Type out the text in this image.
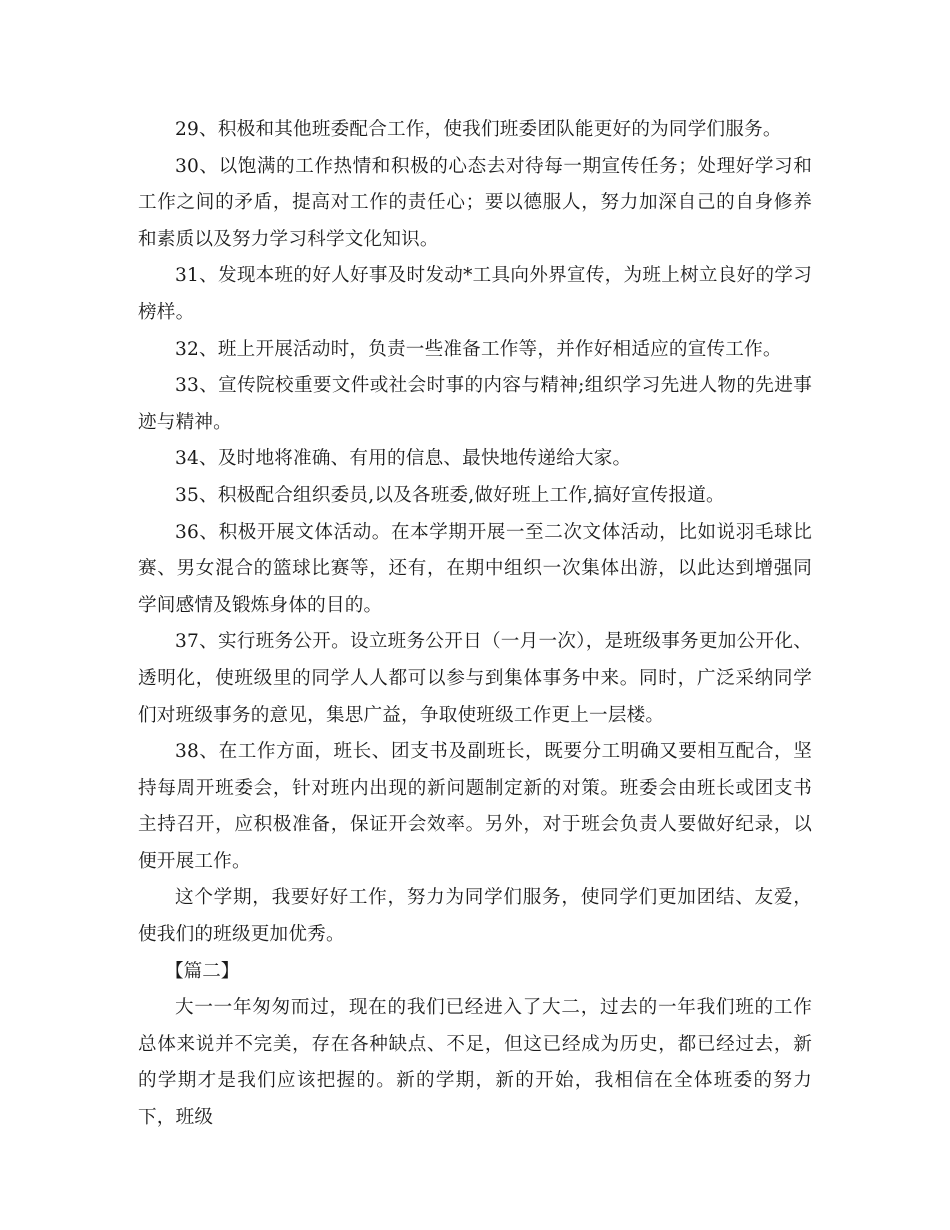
29、积极和其他班委配合工作，使我们班委团队能更好的为同学们服务。

30、以饱满的工作热情和积极的心态去对待每一期宣传任务；处理好学习和工作之间的矛盾，提高对工作的责任心；要以德服人，努力加深自己的自身修养和素质以及努力学习科学文化知识。

31、发现本班的好人好事及时发动*工具向外界宣传，为班上树立良好的学习榜样。

32、班上开展活动时，负责一些准备工作等，并作好相适应的宣传工作。

33、宣传院校重要文件或社会时事的内容与精神;组织学习先进人物的先进事迹与精神。

34、及时地将准确、有用的信息、最快地传递给大家。

35、积极配合组织委员,以及各班委,做好班上工作,搞好宣传报道。

36、积极开展文体活动。在本学期开展一至二次文体活动，比如说羽毛球比赛、男女混合的篮球比赛等，还有，在期中组织一次集体出游，以此达到增强同学间感情及锻炼身体的目的。

37、实行班务公开。设立班务公开日（一月一次），是班级事务更加公开化、透明化，使班级里的同学人人都可以参与到集体事务中来。同时，广泛采纳同学们对班级事务的意见，集思广益，争取使班级工作更上一层楼。

38、在工作方面，班长、团支书及副班长，既要分工明确又要相互配合，坚持每周开班委会，针对班内出现的新问题制定新的对策。班委会由班长或团支书主持召开，应积极准备，保证开会效率。另外，对于班会负责人要做好纪录，以便开展工作。

这个学期，我要好好工作，努力为同学们服务，使同学们更加团结、友爱，使我们的班级更加优秀。

【篇二】

大一一年匆匆而过，现在的我们已经进入了大二，过去的一年我们班的工作总体来说并不完美，存在各种缺点、不足，但这已经成为历史，都已经过去，新的学期才是我们应该把握的。新的学期，新的开始，我相信在全体班委的努力下，班级
